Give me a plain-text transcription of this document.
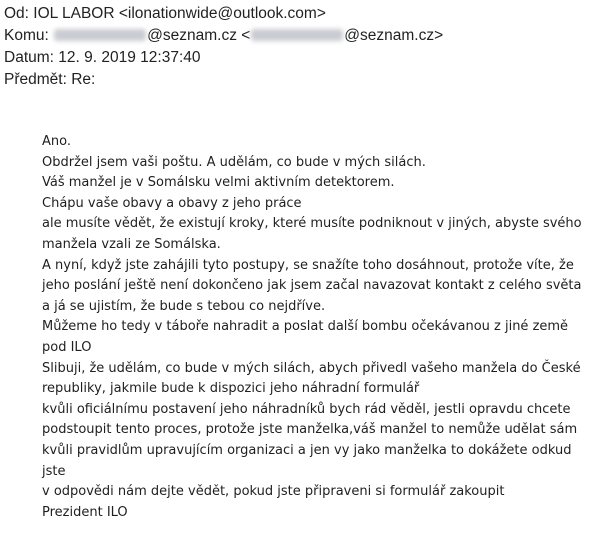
Od: IOL LABOR <ilonationwide@outlook.com>
Komu:	@seznam.cz <	@seznam.cz>
Datum: 12. 9. 2019 12:37:40
Předmět: Re:
Ano.
Obdržel jsem vaši poštu. A udělám, co bude v mých silách.
Váš manžel je v Somálsku velmi aktivním detektorem.
Chápu vaše obavy a obavy z jeho práce
ale musíte vědět, že existují kroky, které musíte podniknout v jiných, abyste svého
manžela vzali ze Somálska.
A nyní, když jste zahájili tyto postupy, se snažíte toho dosáhnout, protože víte, že
jeho poslání ještě není dokončeno jak jsem začal navazovat kontakt z celého světa
a já se ujistím, že bude s tebou co nejdříve.
Můžeme ho tedy v táboře nahradit a poslat další bombu očekávanou z jiné země
pod ILO
Slibuji, že udělám, co bude v mých silách, abych přivedl vašeho manžela do České
republiky, jakmile bude k dispozici jeho náhradní formulář
kvůli oficiálnímu postavení jeho náhradníků bych rád věděl, jestli opravdu chcete
podstoupit tento proces, protože jste manželka,váš manžel to nemůže udělat sám
kvůli pravidlům upravujícím organizaci a jen vy jako manželka to dokážete odkud
jste
v odpovědi nám dejte vědět, pokud jste připraveni si formulář zakoupit
Prezident ILO
